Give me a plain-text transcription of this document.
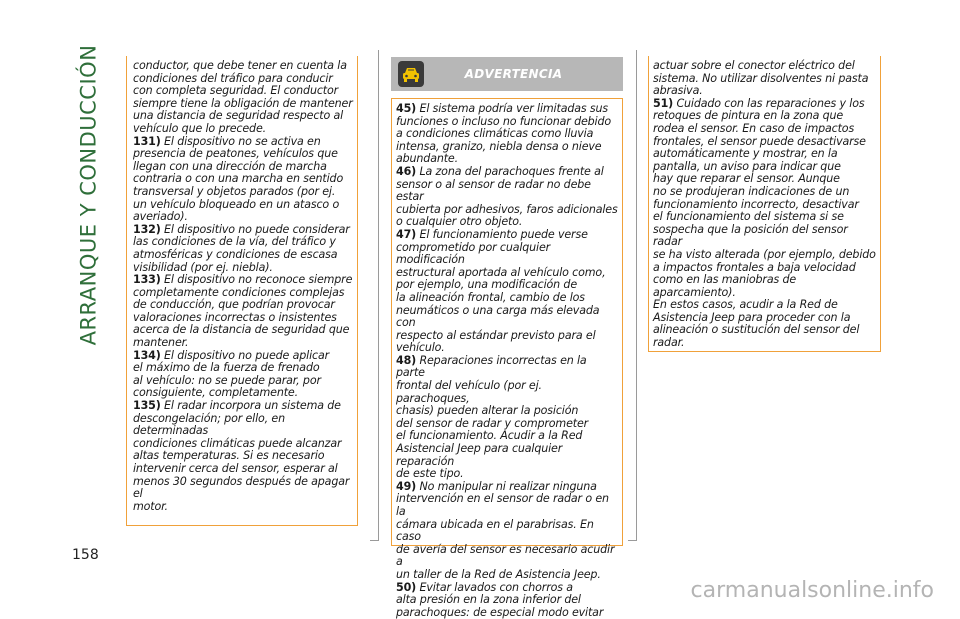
ARRANQUE Y CONDUCCIÓN
158

conductor, que debe tener en cuenta la

condiciones del tráfico para conducir

con completa seguridad. El conductor

siempre tiene la obligación de mantener

una distancia de seguridad respecto al

vehículo que lo precede.

131) El dispositivo no se activa en

presencia de peatones, vehículos que

llegan con una dirección de marcha

contraria o con una marcha en sentido

transversal y objetos parados (por ej.

un vehículo bloqueado en un atasco o

averiado).

132) El dispositivo no puede considerar

las condiciones de la vía, del tráfico y

atmosféricas y condiciones de escasa

visibilidad (por ej. niebla).

133) El dispositivo no reconoce siempre

completamente condiciones complejas

de conducción, que podrían provocar

valoraciones incorrectas o insistentes

acerca de la distancia de seguridad que

mantener.

134) El dispositivo no puede aplicar

el máximo de la fuerza de frenado

al vehículo: no se puede parar, por

consiguiente, completamente.

135) El radar incorpora un sistema de

descongelación; por ello, en determinadas

condiciones climáticas puede alcanzar

altas temperaturas. Si es necesario

intervenir cerca del sensor, esperar al

menos 30 segundos después de apagar el

motor.

ADVERTENCIA

45) El sistema podría ver limitadas sus

funciones o incluso no funcionar debido

a condiciones climáticas como lluvia

intensa, granizo, niebla densa o nieve

abundante.

46) La zona del parachoques frente al

sensor o al sensor de radar no debe estar

cubierta por adhesivos, faros adicionales

o cualquier otro objeto.

47) El funcionamiento puede verse

comprometido por cualquier modificación

estructural aportada al vehículo como,

por ejemplo, una modificación de

la alineación frontal, cambio de los

neumáticos o una carga más elevada con

respecto al estándar previsto para el

vehículo.

48) Reparaciones incorrectas en la parte

frontal del vehículo (por ej. parachoques,

chasis) pueden alterar la posición

del sensor de radar y comprometer

el funcionamiento. Acudir a la Red

Asistencial Jeep para cualquier reparación

de este tipo.

49) No manipular ni realizar ninguna

intervención en el sensor de radar o en la

cámara ubicada en el parabrisas. En caso

de avería del sensor es necesario acudir a

un taller de la Red de Asistencia Jeep.

50) Evitar lavados con chorros a

alta presión en la zona inferior del

parachoques: de especial modo evitar

actuar sobre el conector eléctrico del

sistema. No utilizar disolventes ni pasta

abrasiva.

51) Cuidado con las reparaciones y los

retoques de pintura en la zona que

rodea el sensor. En caso de impactos

frontales, el sensor puede desactivarse

automáticamente y mostrar, en la

pantalla, un aviso para indicar que

hay que reparar el sensor. Aunque

no se produjeran indicaciones de un

funcionamiento incorrecto, desactivar

el funcionamiento del sistema si se

sospecha que la posición del sensor radar

se ha visto alterada (por ejemplo, debido

a impactos frontales a baja velocidad

como en las maniobras de aparcamiento).

En estos casos, acudir a la Red de

Asistencia Jeep para proceder con la

alineación o sustitución del sensor del

radar.

carmanualsonline.info
